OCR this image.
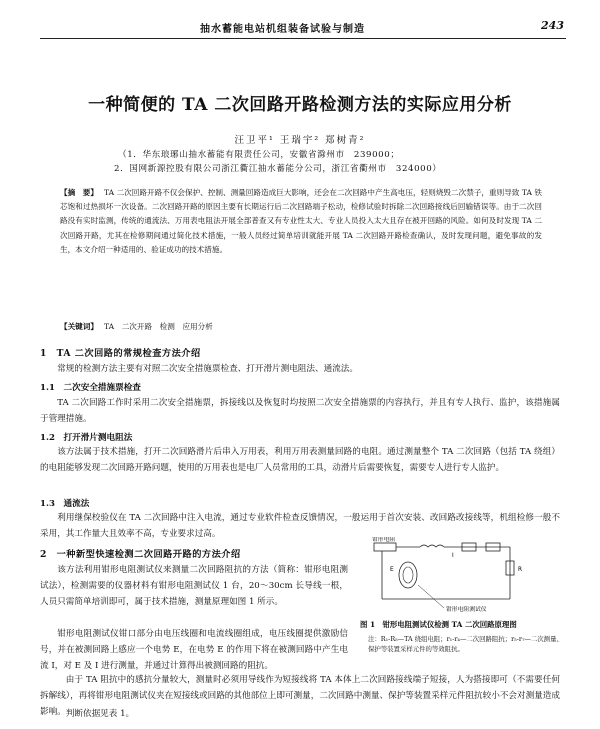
抽水蓄能电站机组装备试验与制造	243
一种简便的 TA 二次回路开路检测方法的实际应用分析
汪卫平¹ 王瑞宇² 郑树青²
（1．华东琅琊山抽水蓄能有限责任公司，安徽省滁州市　239000；
2．国网新源控股有限公司浙江衢江抽水蓄能分公司，浙江省衢州市　324000）
【摘　要】 TA 二次回路开路不仅会保护、控制、测量回路造成巨大影响，还会在二次回路中产生高电压，轻则烧毁二次禁子，重则导致 TA 铁芯饱和过热损坏一次设备。二次回路开路的原因主要有长期运行后二次回路端子松动，检修试验时拆除二次回路接线后回输错误等。由于二次回路没有实时监测，传统的通流法、万用表电阻法开展全部普查又有专业性太大、专业人员投入太大且存在被开回路的风险。如何及时发现 TA 二次回路开路，尤其在检修期间通过简化技术措施，一般人员经过简单培训就能开展 TA 二次回路开路检查确认，及时发现问题，避免事故的发生，本文介绍一种适用的、验证成功的技术措施。
【关键词】 TA　二次开路　检测　应用分析
1　TA 二次回路的常规检查方法介绍
常规的检测方法主要有对照二次安全措施票检查、打开滑片测电阻法、通流法。
1.1　二次安全措施票检查
TA 二次回路工作时采用二次安全措施票，拆接线以及恢复时均按照二次安全措施票的内容执行，并且有专人执行、监护，该措施属于管理措施。
1.2　打开滑片测电阻法
该方法属于技术措施，打开二次回路滑片后串入万用表，利用万用表测量回路的电阻。通过测量整个 TA 二次回路（包括 TA 绕组）的电阻能够发现二次回路开路问题，使用的万用表也是电厂人员常用的工具，动滑片后需要恢复，需要专人进行专人监护。
1.3　通流法
利用继保校验仪在 TA 二次回路中注入电流，通过专业软件检查反馈情况，一般运用于首次安装、改回路改接线等，机组检修一般不采用，其工作量大且效率不高，专业要求过高。
2　一种新型快速检测二次回路开路的方法介绍
该方法利用钳形电阻测试仪来测量二次回路阻抗的方法（简称：钳形电阻测试法），检测需要的仪器材料有钳形电阻测试仪 1 台，20～30cm 长导线一根，人员只需简单培训即可，属于技术措施，测量原理如图 1 所示。
钳形电阻测试仪钳口部分由电压线圈和电流线圈组成，电压线圈提供激励信号，并在被测回路上感应一个电势 E，在电势 E 的作用下将在被测回路中产生电流 I，对 E 及 I 进行测量，并通过计算得出被测回路的阻抗。
由于 TA 阻抗中的感抗分量较大，测量时必须用导线作为短接线将 TA 本体上二次回路接线端子短接，人为搭接即可（不需要任何拆解线），再将钳形电阻测试仪夹在短接线或回路的其他部位上即可测量，二次回路中测量、保护等装置采样元件阻抗较小不会对测量造成影响。
钳形电阻
E
I
R
钳形电阻测试仪
图 1　钳形电阻测试仪检测 TA 二次回路原理图
注：R₁-R₅—TA 绕组电阻；r₁-r₄—二次回路阻抗；r₅-r₇—二次测量、保护等装置采样元件的等效阻抗。
判断依据见表 1。
